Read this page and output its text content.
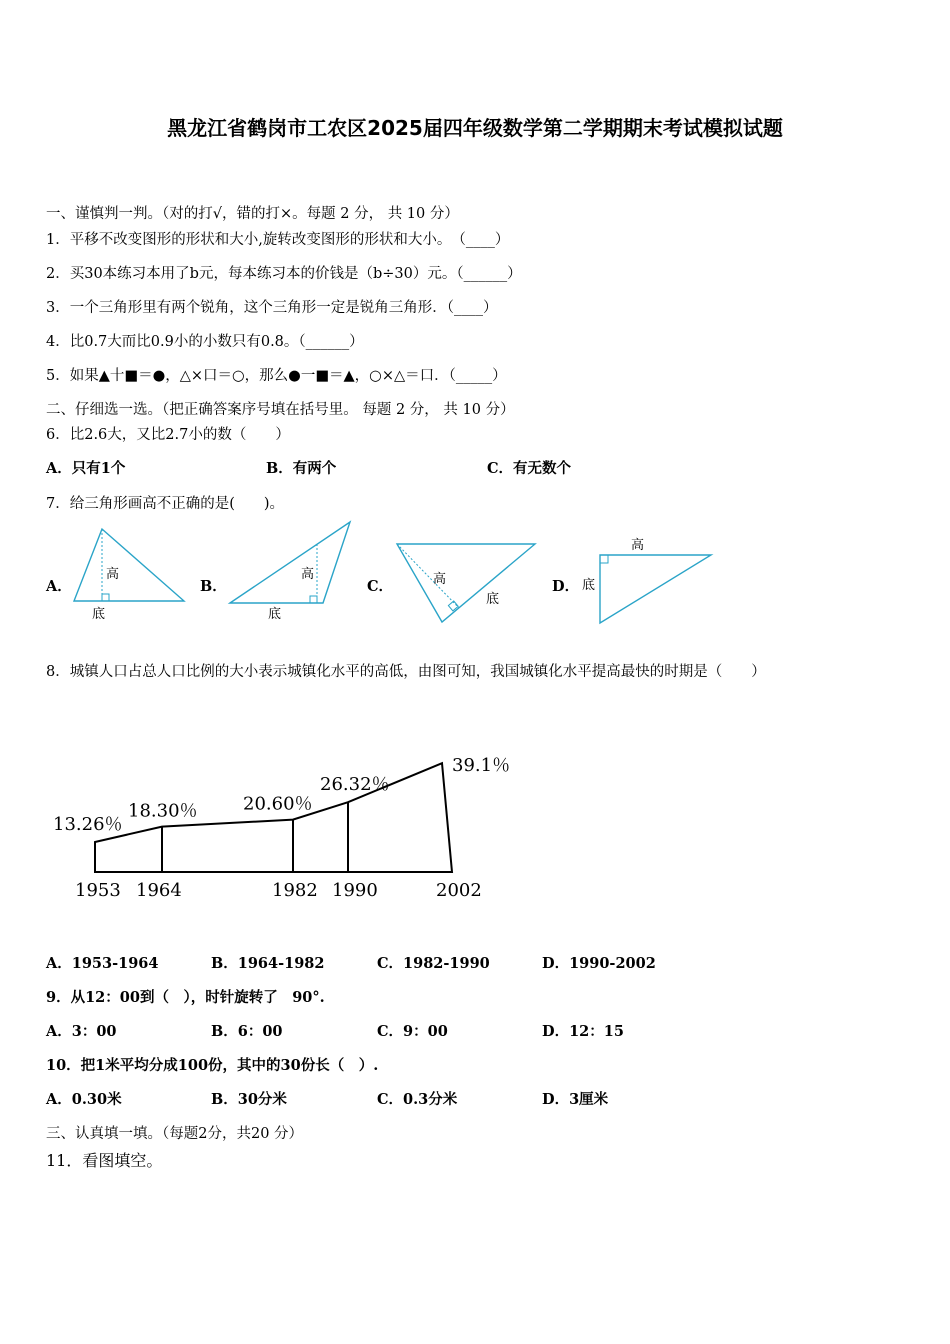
黑龙江省鹤岗市工农区2025届四年级数学第二学期期末考试模拟试题
一、谨慎判一判。（对的打√，错的打×。每题 2 分， 共 10 分）
1．平移不改变图形的形状和大小,旋转改变图形的形状和大小。　（____）
2．买30本练习本用了b元，每本练习本的价钱是（b÷30）元。（______）
3．一个三角形里有两个锐角，这个三角形一定是锐角三角形．（____）
4．比0.7大而比0.9小的小数只有0.8。（______）
5．如果▲十■＝●，△×口＝○，那么●一■＝▲，○×△＝口．（_____）
二、仔细选一选。（把正确答案序号填在括号里。 每题 2 分， 共 10 分）
6．比2.6大，又比2.7小的数（　　）
A．只有1个	B．有两个	C．有无数个
7．给三角形画高不正确的是(　　)。
A．
高
底
B．
高
底
C．	高
底
D．
高
底
8．城镇人口占总人口比例的大小表示城镇化水平的高低，由图可知，我国城镇化水平提高最快的时期是（　　）
13.26％
18.30％	20.60％
26.32％
39.1％
1953 1964	1982 1990	2002
A．1953-1964	B．1964-1982	C．1982-1990	D．1990-2002
9．从12：00到（　），时针旋转了　90°.
A．3：00	B．6：00	C．9：00	D．12：15
10．把1米平均分成100份，其中的30份长（　）.
A．0.30米	B．30分米	C．0.3分米	D．3厘米
三、认真填一填。（每题2分，共20 分）
11．看图填空。
